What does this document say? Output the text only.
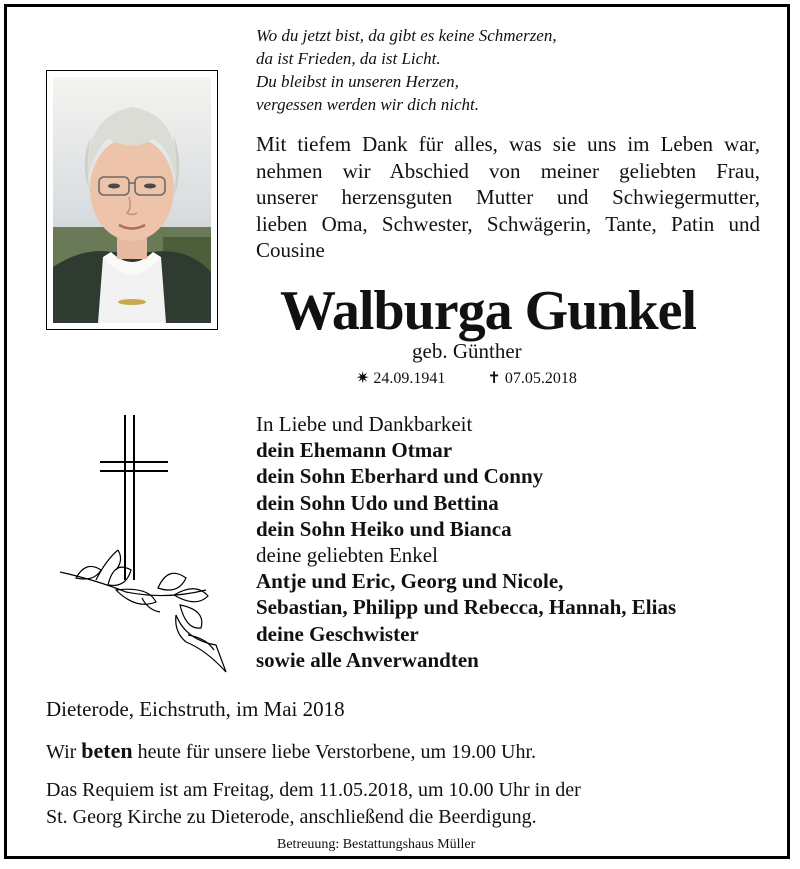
Wo du jetzt bist, da gibt es keine Schmerzen,
da ist Frieden, da ist Licht.
Du bleibst in unseren Herzen,
vergessen werden wir dich nicht.
Mit tiefem Dank für alles, was sie uns im Leben war,
nehmen wir Abschied von meiner geliebten Frau,
unserer herzensguten Mutter und Schwiegermutter,
lieben Oma, Schwester, Schwägerin, Tante, Patin und
Cousine
Walburga Gunkel
geb. Günther
✷ 24.09.1941	✝ 07.05.2018
In Liebe und Dankbarkeit
dein Ehemann Otmar
dein Sohn Eberhard und Conny
dein Sohn Udo und Bettina
dein Sohn Heiko und Bianca
deine geliebten Enkel
Antje und Eric, Georg und Nicole,
Sebastian, Philipp und Rebecca, Hannah, Elias
deine Geschwister
sowie alle Anverwandten
Dieterode, Eichstruth, im Mai 2018
Wir beten heute für unsere liebe Verstorbene, um 19.00 Uhr.
Das Requiem ist am Freitag, dem 11.05.2018, um 10.00 Uhr in der
St. Georg Kirche zu Dieterode, anschließend die Beerdigung.
Betreuung: Bestattungshaus Müller
